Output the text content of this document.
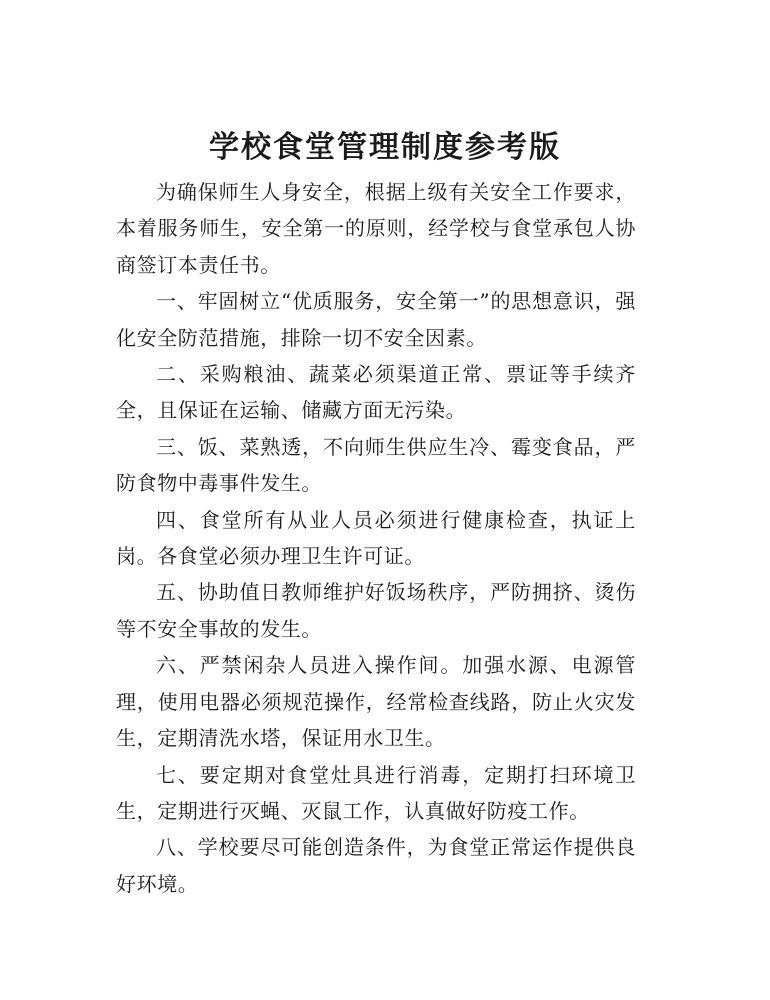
学校食堂管理制度参考版

为确保师生人身安全，根据上级有关安全工作要求，本着服务师生，安全第一的原则，经学校与食堂承包人协商签订本责任书。

一、牢固树立“优质服务，安全第一”的思想意识，强化安全防范措施，排除一切不安全因素。

二、采购粮油、蔬菜必须渠道正常、票证等手续齐全，且保证在运输、储藏方面无污染。

三、饭、菜熟透，不向师生供应生冷、霉变食品，严防食物中毒事件发生。

四、食堂所有从业人员必须进行健康检查，执证上岗。各食堂必须办理卫生许可证。

五、协助值日教师维护好饭场秩序，严防拥挤、烫伤等不安全事故的发生。

六、严禁闲杂人员进入操作间。加强水源、电源管理，使用电器必须规范操作，经常检查线路，防止火灾发生，定期清洗水塔，保证用水卫生。

七、要定期对食堂灶具进行消毒，定期打扫环境卫生，定期进行灭蝇、灭鼠工作，认真做好防疫工作。

八、学校要尽可能创造条件，为食堂正常运作提供良好环境。
